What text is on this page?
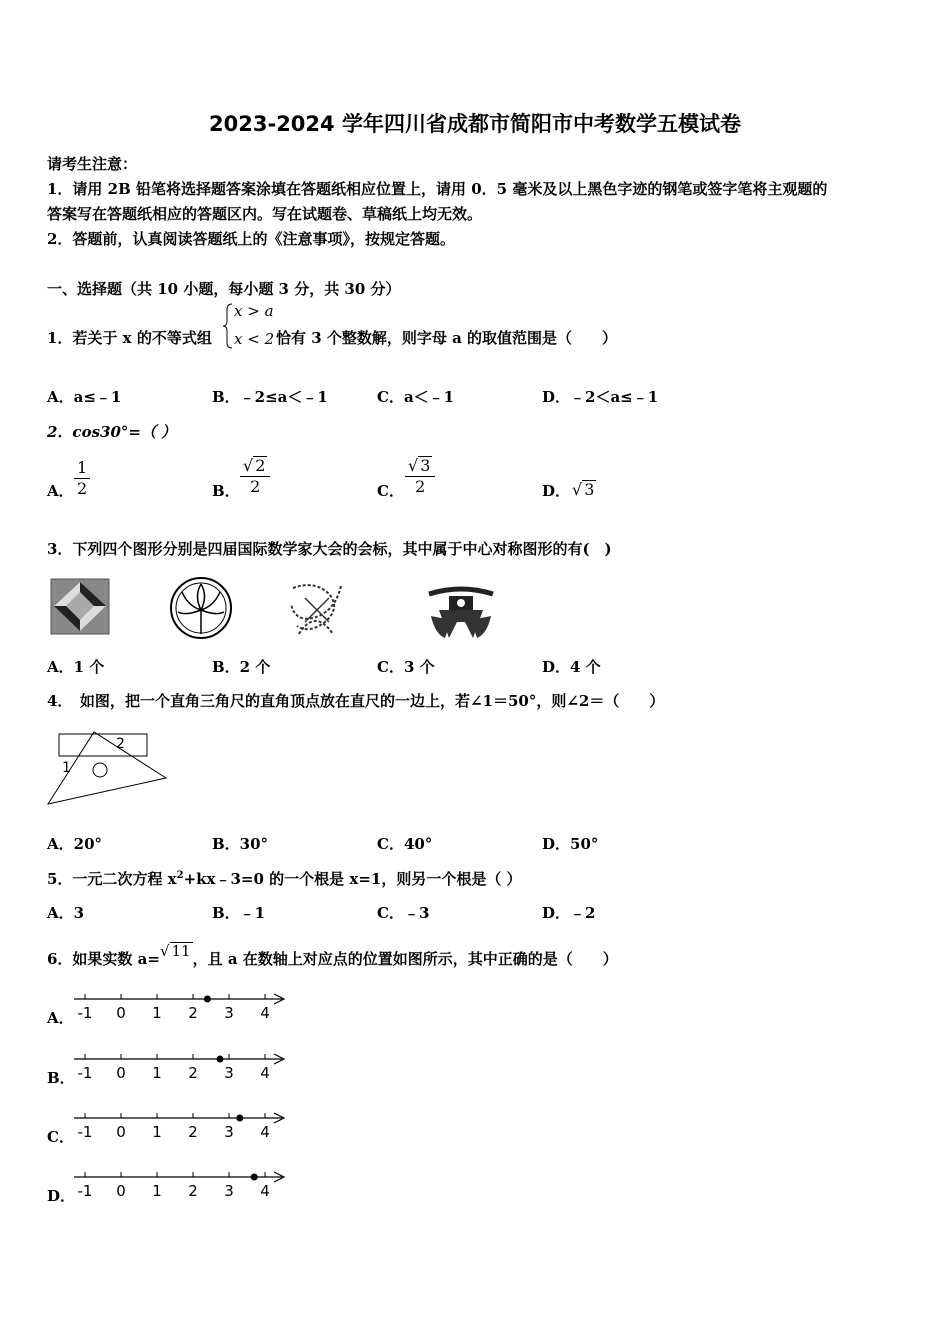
2023-2024 学年四川省成都市简阳市中考数学五模试卷
请考生注意：
1．请用 2B 铅笔将选择题答案涂填在答题纸相应位置上，请用 0．5 毫米及以上黑色字迹的钢笔或签字笔将主观题的
答案写在答题纸相应的答题区内。写在试题卷、草稿纸上均无效。
2．答题前，认真阅读答题纸上的《注意事项》，按规定答题。
一、选择题（共 10 小题，每小题 3 分，共 30 分）
1．若关于 x 的不等式组
x > a
x < 2 恰有 3 个整数解，则字母 a 的取值范围是（　　）
A．a≤﹣1	B．﹣2≤a＜﹣1	C．a＜﹣1	D．﹣2＜a≤﹣1
2．cos30°=（ ）
A． $\frac{1}{2}$	B． $\frac{√ 2}{2}$	C． $\frac{√ 3}{2}$	D． √ 3
3．下列四个图形分别是四届国际数学家大会的会标，其中属于中心对称图形的有(　)
A．1 个	B．2 个	C．3 个	D．4 个
4．　如图，把一个直角三角尺的直角顶点放在直尺的一边上，若∠1＝50°，则∠2＝（　　）
1
2
A．20°	B．30°	C．40°	D．50°
5．一元二次方程 $x^2+kx﹣3=0$ 的一个根是 x=1，则另一个根是（ ）
A．3	B．﹣1	C．﹣3	D．﹣2
6．如果实数 a=√ 11 ，且 a 在数轴上对应点的位置如图所示，其中正确的是（　　）
A． -1 0 1 2 3 4
B． -1 0 1 2 3 4
C． -1 0 1 2 3 4
D． -1 0 1 2 3 4
